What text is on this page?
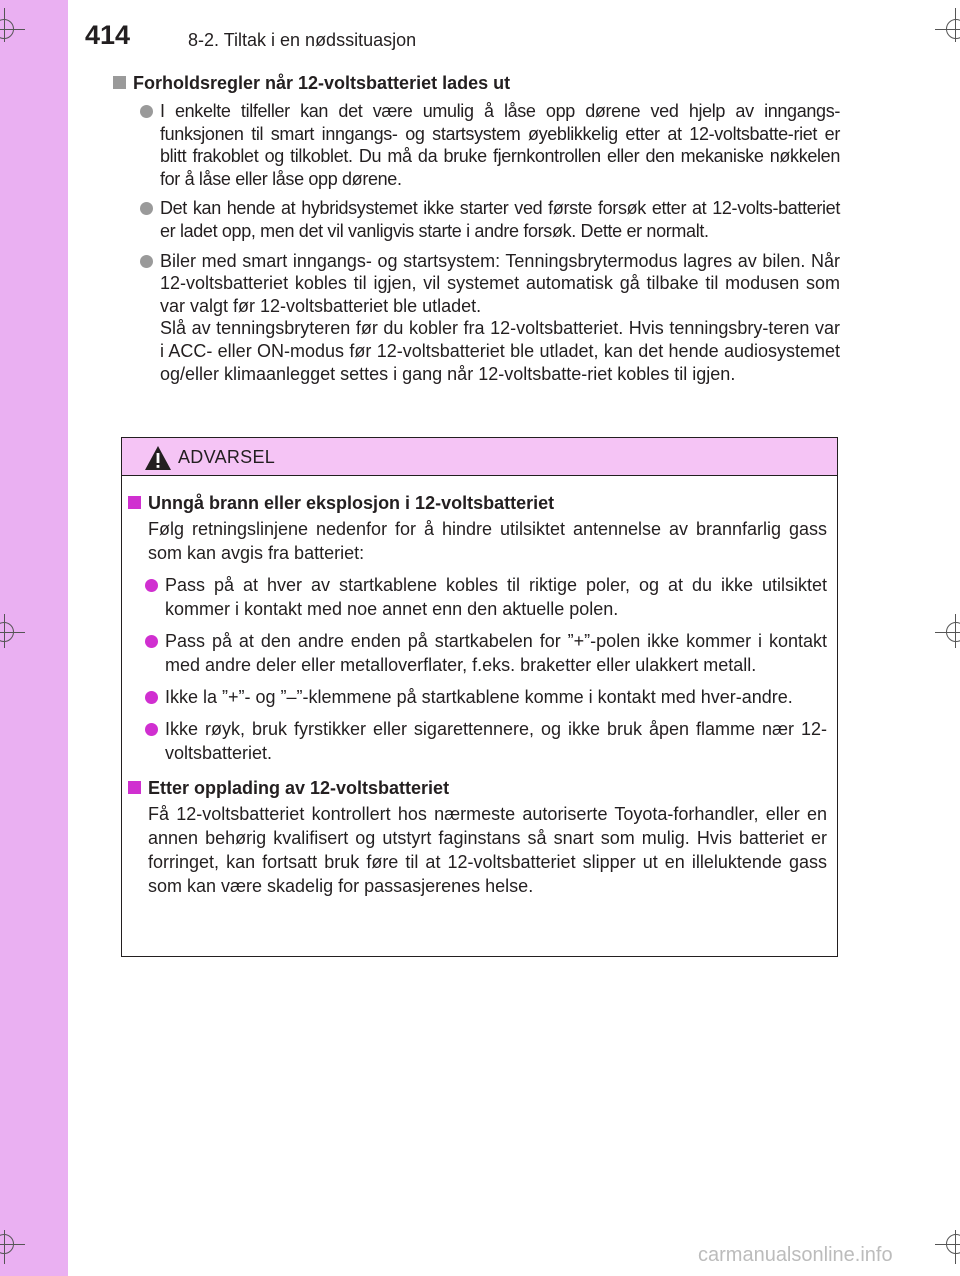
414	8-2. Tiltak i en nødssituasjon
Forholdsregler når 12-voltsbatteriet lades ut
I enkelte tilfeller kan det være umulig å låse opp dørene ved hjelp av inngangs-funksjonen til smart inngangs- og startsystem øyeblikkelig etter at 12-voltsbatte-riet er blitt frakoblet og tilkoblet. Du må da bruke fjernkontrollen eller den mekaniske nøkkelen for å låse eller låse opp dørene.
Det kan hende at hybridsystemet ikke starter ved første forsøk etter at 12-volts-batteriet er ladet opp, men det vil vanligvis starte i andre forsøk. Dette er normalt.
Biler med smart inngangs- og startsystem: Tenningsbrytermodus lagres av bilen. Når 12-voltsbatteriet kobles til igjen, vil systemet automatisk gå tilbake til modusen som var valgt før 12-voltsbatteriet ble utladet.
Slå av tenningsbryteren før du kobler fra 12-voltsbatteriet. Hvis tenningsbry-teren var i ACC- eller ON-modus før 12-voltsbatteriet ble utladet, kan det hende audiosystemet og/eller klimaanlegget settes i gang når 12-voltsbatte-riet kobles til igjen.
ADVARSEL
Unngå brann eller eksplosjon i 12-voltsbatteriet
Følg retningslinjene nedenfor for å hindre utilsiktet antennelse av brannfarlig gass som kan avgis fra batteriet:
Pass på at hver av startkablene kobles til riktige poler, og at du ikke utilsiktet kommer i kontakt med noe annet enn den aktuelle polen.
Pass på at den andre enden på startkabelen for ”+”-polen ikke kommer i kontakt med andre deler eller metalloverflater, f.eks. braketter eller ulakkert metall.
Ikke la ”+”- og ”–”-klemmene på startkablene komme i kontakt med hver-andre.
Ikke røyk, bruk fyrstikker eller sigarettennere, og ikke bruk åpen flamme nær 12-voltsbatteriet.
Etter opplading av 12-voltsbatteriet
Få 12-voltsbatteriet kontrollert hos nærmeste autoriserte Toyota-forhandler, eller en annen behørig kvalifisert og utstyrt faginstans så snart som mulig. Hvis batteriet er forringet, kan fortsatt bruk føre til at 12-voltsbatteriet slipper ut en illeluktende gass som kan være skadelig for passasjerenes helse.
carmanualsonline.info
